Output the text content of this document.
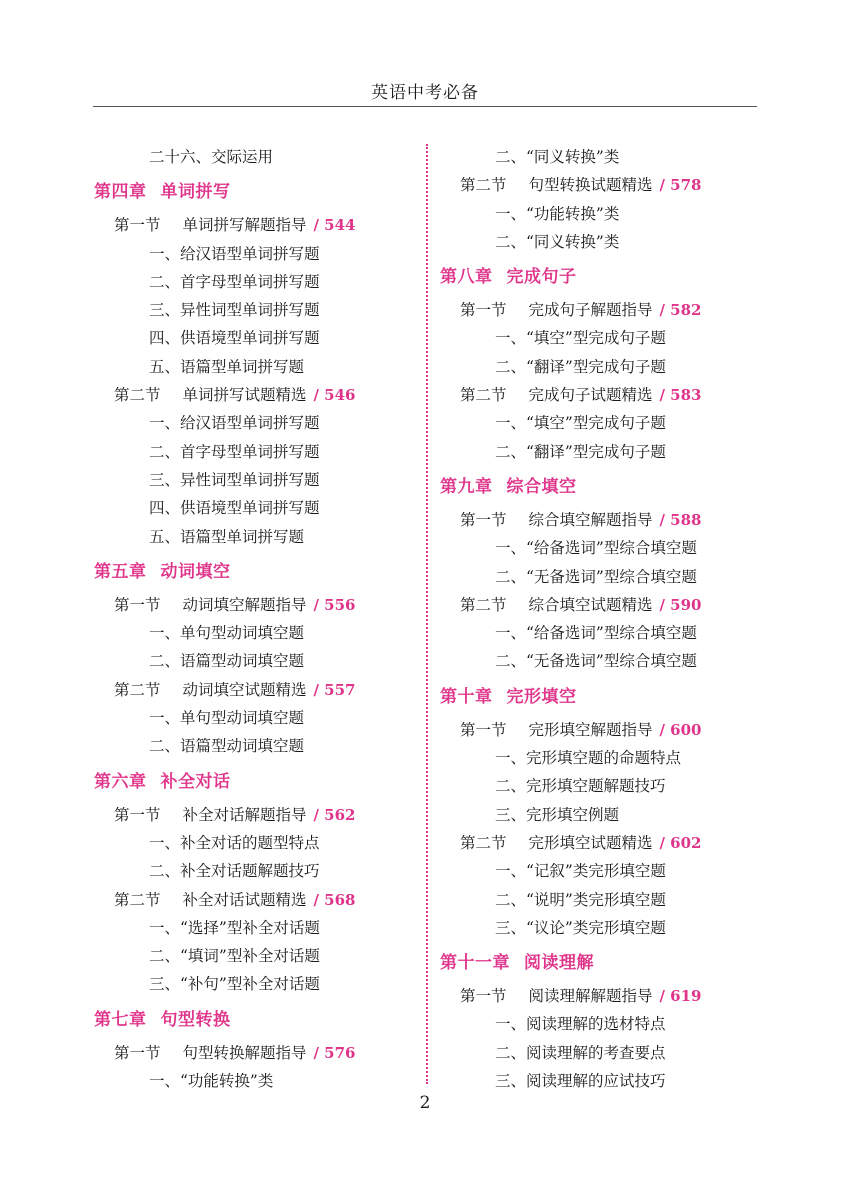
英语中考必备
二十六、交际运用
第四章 单词拼写
第一节 单词拼写解题指导 / 544
一、给汉语型单词拼写题
二、首字母型单词拼写题
三、异性词型单词拼写题
四、供语境型单词拼写题
五、语篇型单词拼写题
第二节 单词拼写试题精选 / 546
一、给汉语型单词拼写题
二、首字母型单词拼写题
三、异性词型单词拼写题
四、供语境型单词拼写题
五、语篇型单词拼写题
第五章 动词填空
第一节 动词填空解题指导 / 556
一、单句型动词填空题
二、语篇型动词填空题
第二节 动词填空试题精选 / 557
一、单句型动词填空题
二、语篇型动词填空题
第六章 补全对话
第一节 补全对话解题指导 / 562
一、补全对话的题型特点
二、补全对话题解题技巧
第二节 补全对话试题精选 / 568
一、“选择”型补全对话题
二、“填词”型补全对话题
三、“补句”型补全对话题
第七章 句型转换
第一节 句型转换解题指导 / 576
一、“功能转换”类
二、“同义转换”类
第二节 句型转换试题精选 / 578
一、“功能转换”类
二、“同义转换”类
第八章 完成句子
第一节 完成句子解题指导 / 582
一、“填空”型完成句子题
二、“翻译”型完成句子题
第二节 完成句子试题精选 / 583
一、“填空”型完成句子题
二、“翻译”型完成句子题
第九章 综合填空
第一节 综合填空解题指导 / 588
一、“给备选词”型综合填空题
二、“无备选词”型综合填空题
第二节 综合填空试题精选 / 590
一、“给备选词”型综合填空题
二、“无备选词”型综合填空题
第十章 完形填空
第一节 完形填空解题指导 / 600
一、完形填空题的命题特点
二、完形填空题解题技巧
三、完形填空例题
第二节 完形填空试题精选 / 602
一、“记叙”类完形填空题
二、“说明”类完形填空题
三、“议论”类完形填空题
第十一章 阅读理解
第一节 阅读理解解题指导 / 619
一、阅读理解的选材特点
二、阅读理解的考查要点
三、阅读理解的应试技巧
2
